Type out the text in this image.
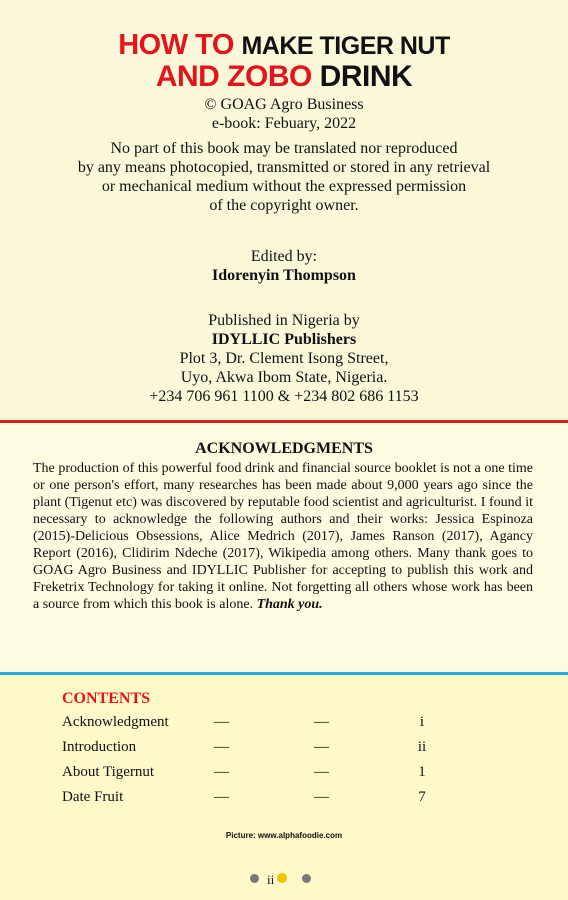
HOW TO MAKE TIGER NUT
AND ZOBO DRINK
© GOAG Agro Business
e-book: Febuary, 2022
No part of this book may be translated nor reproduced
by any means photocopied, transmitted or stored in any retrieval
or mechanical medium without the expressed permission
of the copyright owner.
Edited by:
Idorenyin Thompson
Published in Nigeria by
IDYLLIC Publishers
Plot 3, Dr. Clement Isong Street,
Uyo, Akwa Ibom State, Nigeria.
+234 706 961 1100 & +234 802 686 1153
ACKNOWLEDGMENTS
The production of this powerful food drink and financial source booklet is not a one time or one person's effort, many researches has been made about 9,000 years ago since the plant (Tigenut etc) was discovered by reputable food scientist and agriculturist. I found it necessary to acknowledge the following authors and their works: Jessica Espinoza (2015)-Delicious Obsessions, Alice Medrich (2017), James Ranson (2017), Agancy Report (2016), Clidirim Ndeche (2017), Wikipedia among others. Many thank goes to GOAG Agro Business and IDYLLIC Publisher for accepting to publish this work and Freketrix Technology for taking it online. Not forgetting all others whose work has been a source from which this book is alone. Thank you.
CONTENTS
Acknowledgment	—	—	i
Introduction	—	—	ii
About Tigernut	—	—	1
Date Fruit	—	—	7
Picture: www.alphafoodie.com
ii
